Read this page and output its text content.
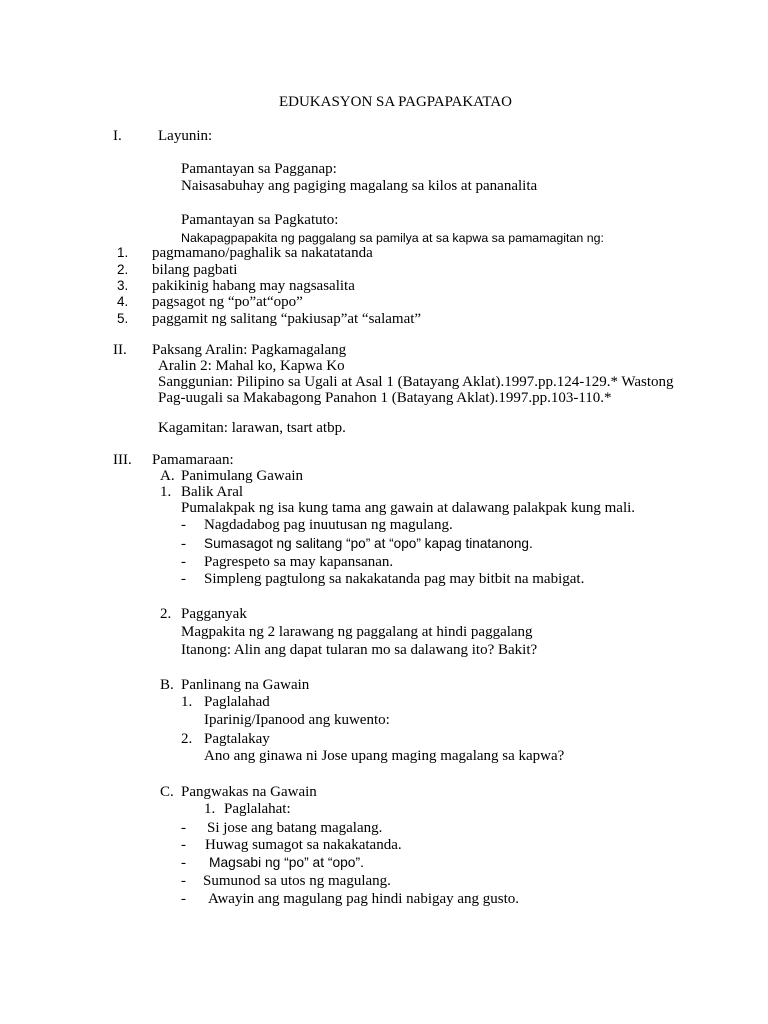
EDUKASYON SA PAGPAPAKATAO
I. Layunin:
Pamantayan sa Pagganap:
Naisasabuhay ang pagiging magalang sa kilos at pananalita
Pamantayan sa Pagkatuto:
Nakapagpapakita ng paggalang sa pamilya at sa kapwa sa pamamagitan ng:
1. pagmamano/paghalik sa nakatatanda
2. bilang pagbati
3. pakikinig habang may nagsasalita
4. pagsagot ng “po”at“opo”
5. paggamit ng salitang “pakiusap”at “salamat”
II. Paksang Aralin: Pagkamagalang
Aralin 2: Mahal ko, Kapwa Ko
Sanggunian: Pilipino sa Ugali at Asal 1 (Batayang Aklat).1997.pp.124-129.* Wastong
Pag-uugali sa Makabagong Panahon 1 (Batayang Aklat).1997.pp.103-110.*
Kagamitan: larawan, tsart atbp.
III. Pamamaraan:
A. Panimulang Gawain
1. Balik Aral
Pumalakpak ng isa kung tama ang gawain at dalawang palakpak kung mali.
- Nagdadabog pag inuutusan ng magulang.
- Sumasagot ng salitang “po” at “opo” kapag tinatanong.
- Pagrespeto sa may kapansanan.
- Simpleng pagtulong sa nakakatanda pag may bitbit na mabigat.
2. Pagganyak
Magpakita ng 2 larawang ng paggalang at hindi paggalang
Itanong: Alin ang dapat tularan mo sa dalawang ito? Bakit?
B. Panlinang na Gawain
1. Paglalahad
Iparinig/Ipanood ang kuwento:
2. Pagtalakay
Ano ang ginawa ni Jose upang maging magalang sa kapwa?
C. Pangwakas na Gawain
1. Paglalahat:
- Si jose ang batang magalang.
- Huwag sumagot sa nakakatanda.
- Magsabi ng “po” at “opo”.
- Sumunod sa utos ng magulang.
- Awayin ang magulang pag hindi nabigay ang gusto.
